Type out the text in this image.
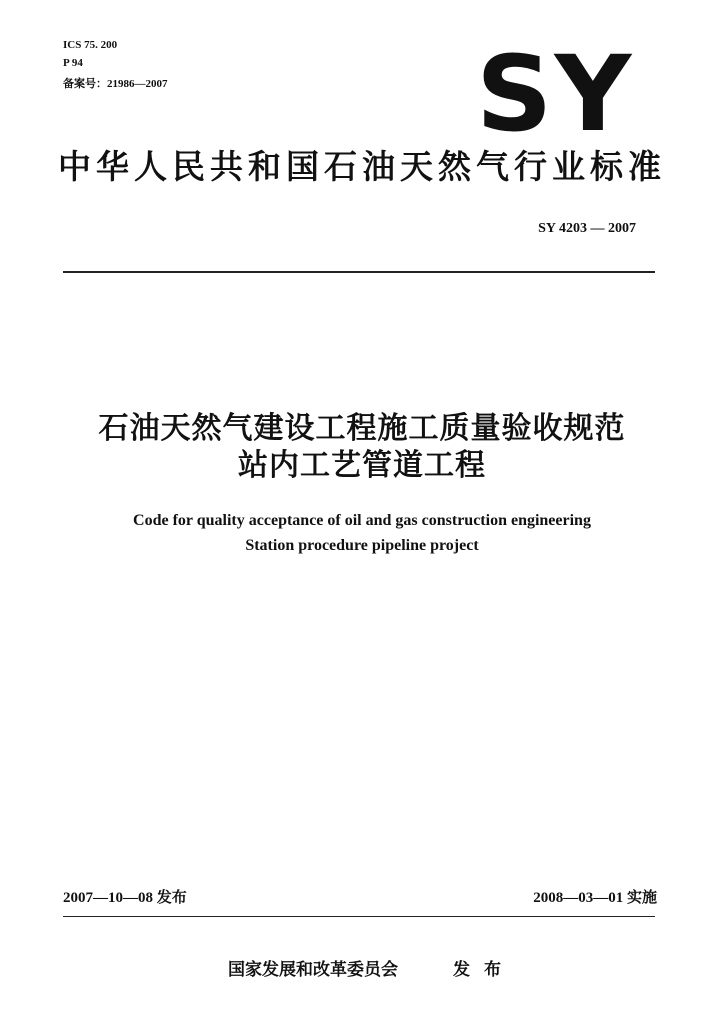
ICS 75. 200
P 94
备案号：21986—2007	SY
中华人民共和国石油天然气行业标准
SY 4203 — 2007
石油天然气建设工程施工质量验收规范
站内工艺管道工程
Code for quality acceptance of oil and gas construction engineering
Station procedure pipeline project
2007—10—08 发布	2008—03—01 实施
国家发展和改革委员会	发布
